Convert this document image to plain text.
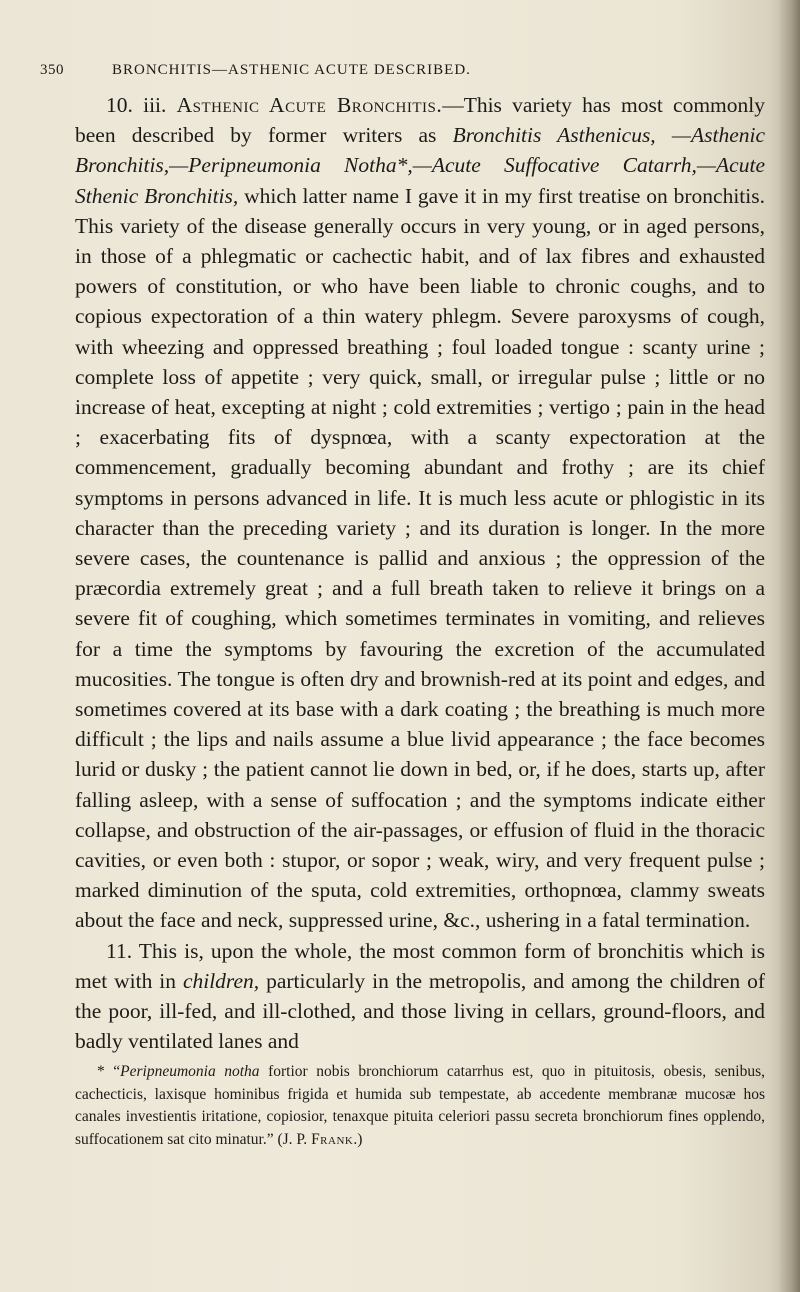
350	BRONCHITIS—ASTHENIC ACUTE DESCRIBED.

10. iii. Asthenic Acute Bronchitis.—This variety has most commonly been described by former writers as Bronchitis Asthenicus, —Asthenic Bronchitis,—Peripneumonia Notha*,—Acute Suffocative Catarrh,—Acute Sthenic Bronchitis, which latter name I gave it in my first treatise on bronchitis. This variety of the disease generally occurs in very young, or in aged persons, in those of a phlegmatic or cachectic habit, and of lax fibres and exhausted powers of constitution, or who have been liable to chronic coughs, and to copious expectoration of a thin watery phlegm. Severe paroxysms of cough, with wheezing and oppressed breathing ; foul loaded tongue : scanty urine ; complete loss of appetite ; very quick, small, or irregular pulse ; little or no increase of heat, excepting at night ; cold extremities ; vertigo ; pain in the head ; exacerbating fits of dyspnœa, with a scanty expectoration at the commencement, gradually becoming abundant and frothy ; are its chief symptoms in persons advanced in life. It is much less acute or phlogistic in its character than the preceding variety ; and its duration is longer. In the more severe cases, the countenance is pallid and anxious ; the oppression of the præcordia extremely great ; and a full breath taken to relieve it brings on a severe fit of coughing, which sometimes terminates in vomiting, and relieves for a time the symptoms by favouring the excretion of the accumulated mucosities. The tongue is often dry and brownish-red at its point and edges, and sometimes covered at its base with a dark coating ; the breathing is much more difficult ; the lips and nails assume a blue livid appearance ; the face becomes lurid or dusky ; the patient cannot lie down in bed, or, if he does, starts up, after falling asleep, with a sense of suffocation ; and the symptoms indicate either collapse, and obstruction of the air-passages, or effusion of fluid in the thoracic cavities, or even both : stupor, or sopor ; weak, wiry, and very frequent pulse ; marked diminution of the sputa, cold extremities, orthopnœa, clammy sweats about the face and neck, suppressed urine, &c., ushering in a fatal termination.

11. This is, upon the whole, the most common form of bronchitis which is met with in children, particularly in the metropolis, and among the children of the poor, ill-fed, and ill-clothed, and those living in cellars, ground-floors, and badly ventilated lanes and

* “Peripneumonia notha fortior nobis bronchiorum catarrhus est, quo in pituitosis, obesis, senibus, cachecticis, laxisque hominibus frigida et humida sub tempestate, ab accedente membranæ mucosæ hos canales investientis iritatione, copiosior, tenaxque pituita celeriori passu secreta bronchiorum fines opplendo, suffocationem sat cito minatur.” (J. P. Frank.)
